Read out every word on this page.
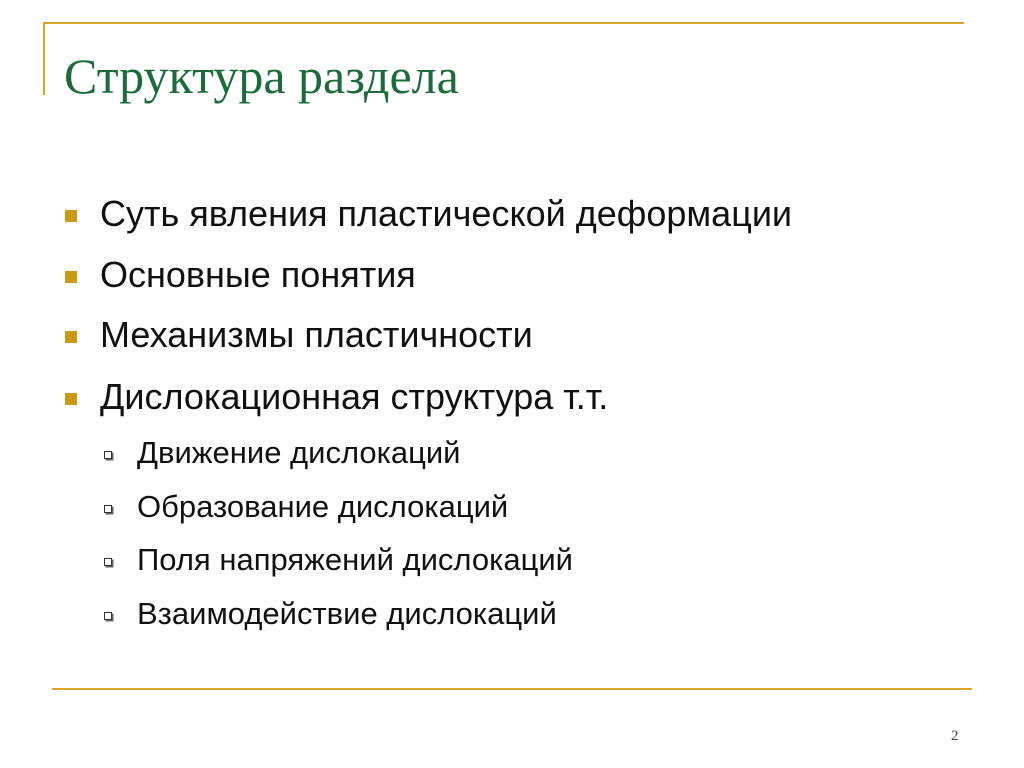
Структура раздела
Суть явления пластической деформации
Основные понятия
Механизмы пластичности
Дислокационная структура т.т.
Движение дислокаций
Образование дислокаций
Поля напряжений дислокаций
Взаимодействие дислокаций
2
